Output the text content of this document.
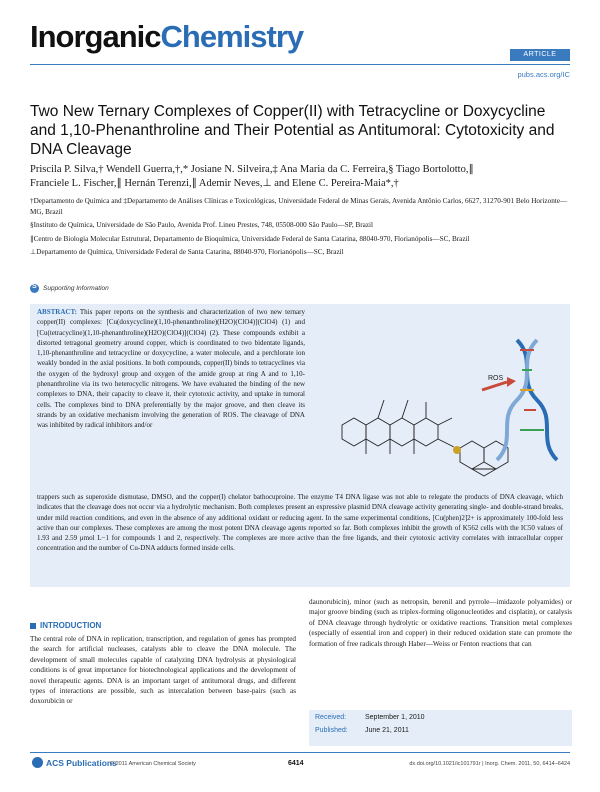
InorganicChemistry
ARTICLE
pubs.acs.org/IC
Two New Ternary Complexes of Copper(II) with Tetracycline or Doxycycline and 1,10-Phenanthroline and Their Potential as Antitumoral: Cytotoxicity and DNA Cleavage
Priscila P. Silva,† Wendell Guerra,†,* Josiane N. Silveira,‡ Ana Maria da C. Ferreira,§ Tiago Bortolotto,∥
Franciele L. Fischer,∥ Hernán Terenzi,∥ Ademir Neves,⊥ and Elene C. Pereira-Maia*,†

†Departamento de Química and ‡Departamento de Análises Clínicas e Toxicológicas, Universidade Federal de Minas Gerais, Avenida Antônio Carlos, 6627, 31270-901 Belo Horizonte—MG, Brazil

§Instituto de Química, Universidade de São Paulo, Avenida Prof. Lineu Prestes, 748, 05508-000 São Paulo—SP, Brazil

∥Centro de Biologia Molecular Estrutural, Departamento de Bioquímica, Universidade Federal de Santa Catarina, 88040-970, Florianópolis—SC, Brazil

⊥Departamento de Química, Universidade Federal de Santa Catarina, 88040-970, Florianópolis—SC, Brazil

S
Supporting Information
ABSTRACT: This paper reports on the synthesis and characterization of two new ternary copper(II) complexes: [Cu(doxycycline)(1,10-phenanthroline)(H2O)(ClO4)](ClO4) (1) and [Cu(tetracycline)(1,10-phenanthroline)(H2O)(ClO4)](ClO4) (2). These compounds exhibit a distorted tetragonal geometry around copper, which is coordinated to two bidentate ligands, 1,10-phenanthroline and tetracycline or doxycycline, a water molecule, and a perchlorate ion weakly bonded in the axial positions. In both compounds, copper(II) binds to tetracyclines via the oxygen of the hydroxyl group and oxygen of the amide group at ring A and to 1,10-phenanthroline via its two heterocyclic nitrogens. We have evaluated the binding of the new complexes to DNA, their capacity to cleave it, their cytotoxic activity, and uptake in tumoral cells. The complexes bind to DNA preferentially by the major groove, and then cleave its strands by an oxidative mechanism involving the generation of ROS. The cleavage of DNA was inhibited by radical inhibitors and/or
ROS
trappers such as superoxide dismutase, DMSO, and the copper(I) chelator bathocuproine. The enzyme T4 DNA ligase was not able to relegate the products of DNA cleavage, which indicates that the cleavage does not occur via a hydrolytic mechanism. Both complexes present an expressive plasmid DNA cleavage activity generating single- and double-strand breaks, under mild reaction conditions, and even in the absence of any additional oxidant or reducing agent. In the same experimental conditions, [Cu(phen)2]2+ is approximately 100-fold less active than our complexes. These complexes are among the most potent DNA cleavage agents reported so far. Both complexes inhibit the growth of K562 cells with the IC50 values of 1.93 and 2.59 μmol L−1 for compounds 1 and 2, respectively. The complexes are more active than the free ligands, and their cytotoxic activity correlates with intracellular copper concentration and the number of Cu-DNA adducts formed inside cells.
INTRODUCTION
The central role of DNA in replication, transcription, and regulation of genes has prompted the search for artificial nucleases, catalysts able to cleave the DNA molecule. The development of small molecules capable of catalyzing DNA hydrolysis at physiological conditions is of great importance for biotechnological applications and the development of novel therapeutic agents. DNA is an important target of antitumoral drugs, and different types of interactions are possible, such as intercalation between base-pairs (such as doxorubicin or
daunorubicin), minor (such as netropsin, berenil and pyrrole—imidazole polyamides) or major groove binding (such as triplex-forming oligonucleotides and cisplatin), or catalysis of DNA cleavage through hydrolytic or oxidative reactions. Transition metal complexes (especially of essential iron and copper) in their reduced oxidation state can promote the formation of free radicals through Haber—Weiss or Fenton reactions that can
Received:	September 1, 2010
Published:	June 21, 2011
ACS Publications
© 2011 American Chemical Society	6414	dx.doi.org/10.1021/ic101791r | Inorg. Chem. 2011, 50, 6414–6424
